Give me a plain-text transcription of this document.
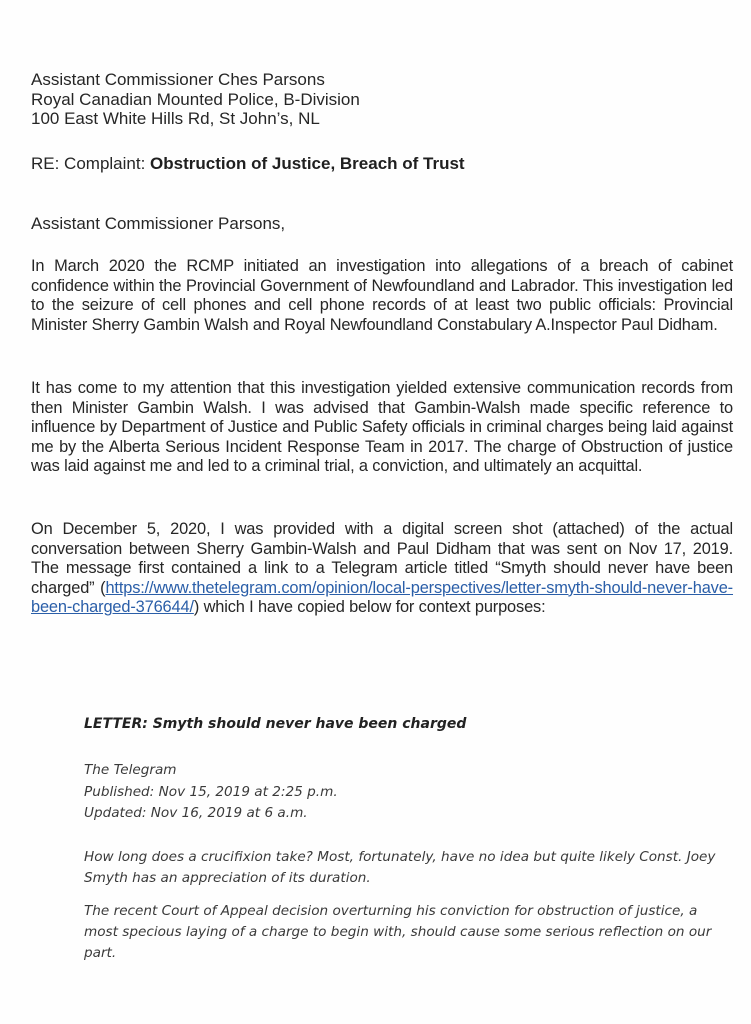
Assistant Commissioner Ches Parsons

Royal Canadian Mounted Police, B-Division

100 East White Hills Rd, St John’s, NL

RE: Complaint: Obstruction of Justice, Breach of Trust

Assistant Commissioner Parsons,

In March 2020 the RCMP initiated an investigation into allegations of a breach of cabinet confidence within the Provincial Government of Newfoundland and Labrador. This investigation led to the seizure of cell phones and cell phone records of at least two public officials: Provincial Minister Sherry Gambin Walsh and Royal Newfoundland Constabulary A.Inspector Paul Didham.

It has come to my attention that this investigation yielded extensive communication records from then Minister Gambin Walsh. I was advised that Gambin-Walsh made specific reference to influence by Department of Justice and Public Safety officials in criminal charges being laid against me by the Alberta Serious Incident Response Team in 2017. The charge of Obstruction of justice was laid against me and led to a criminal trial, a conviction, and ultimately an acquittal.

On December 5, 2020, I was provided with a digital screen shot (attached) of the actual conversation between Sherry Gambin-Walsh and Paul Didham that was sent on Nov 17, 2019. The message first contained a link to a Telegram article titled “Smyth should never have been charged” (https://www.thetelegram.com/opinion/local-perspectives/letter-smyth-should-never-have-been-charged-376644/) which I have copied below for context purposes:

LETTER: Smyth should never have been charged
The Telegram
Published: Nov 15, 2019 at 2:25 p.m.
Updated: Nov 16, 2019 at 6 a.m.
How long does a crucifixion take? Most, fortunately, have no idea but quite likely Const. Joey Smyth has an appreciation of its duration.
The recent Court of Appeal decision overturning his conviction for obstruction of justice, a most specious laying of a charge to begin with, should cause some serious reflection on our part.
